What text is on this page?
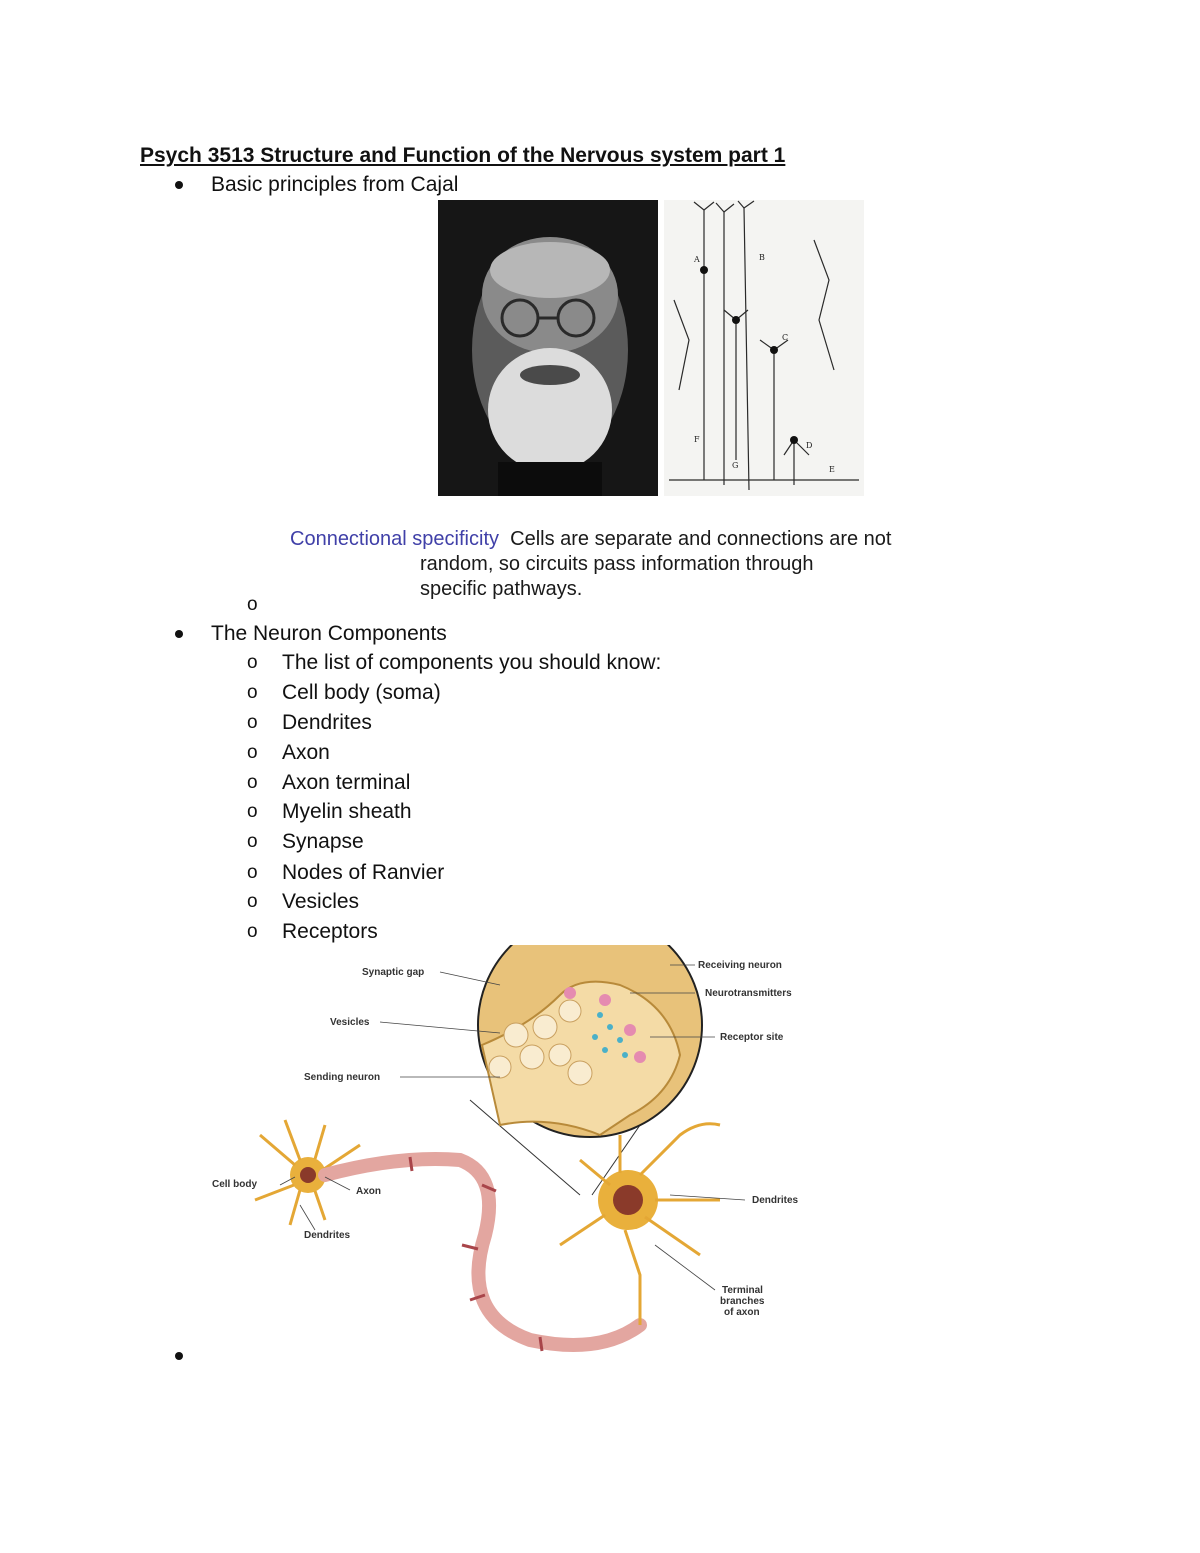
Psych 3513 Structure and Function of the Nervous system part 1
Basic principles from Cajal
A	B
C
D
E
F
G
Connectional specificity Cells are separate and connections are not
random, so circuits pass information through specific pathways.
o
The Neuron Components
o	The list of components you should know:
o	Cell body (soma)
o	Dendrites
o	Axon
o	Axon terminal
o	Myelin sheath
o	Synapse
o	Nodes of Ranvier
o	Vesicles
o	Receptors
Synaptic gap
Receiving neuron
Neurotransmitters
Vesicles
Receptor site
Sending neuron
Cell body
Axon
Dendrites
Dendrites
Terminal
branches
of axon
